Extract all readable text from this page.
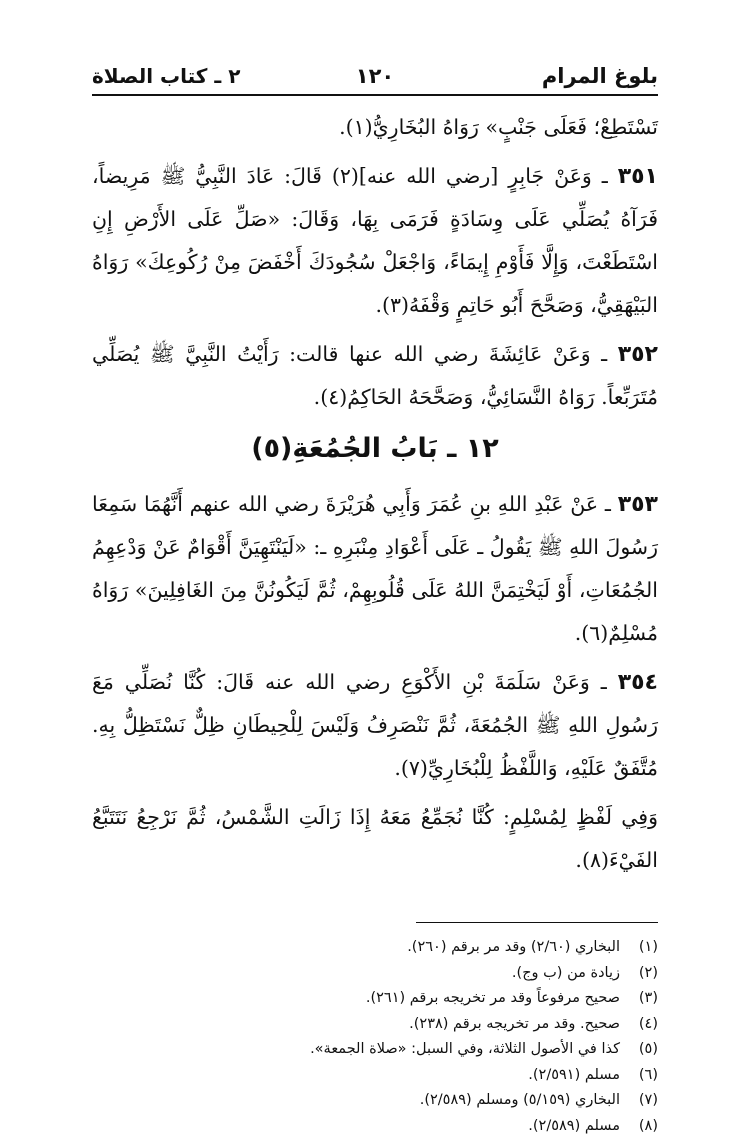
بلوغ المرام
١٢٠
٢ ـ كتاب الصلاة

تَسْتَطِعْ؛ فَعَلَى جَنْبٍ» رَوَاهُ البُخَارِيُّ(١).

٣٥١ ـ وَعَنْ جَابِرٍ [رضي الله عنه](٢) قَالَ: عَادَ النَّبِيُّ ﷺ مَرِيضاً، فَرَآهُ يُصَلِّي عَلَى وِسَادَةٍ فَرَمَى بِهَا، وَقَالَ: «صَلِّ عَلَى الأَرْضِ إِنِ اسْتَطَعْتَ، وَإِلَّا فَأَوْمِ إِيمَاءً، وَاجْعَلْ سُجُودَكَ أَخْفَضَ مِنْ رُكُوعِكَ» رَوَاهُ البَيْهَقِيُّ، وَصَحَّحَ أَبُو حَاتِمٍ وَقْفَهُ(٣).

٣٥٢ ـ وَعَنْ عَائِشَةَ رضي الله عنها قالت: رَأَيْتُ النَّبِيَّ ﷺ يُصَلِّي مُتَرَبِّعاً. رَوَاهُ النَّسَائِيُّ، وَصَحَّحَهُ الحَاكِمُ(٤).

١٢ ـ بَابُ الجُمُعَةِ(٥)

٣٥٣ ـ عَنْ عَبْدِ اللهِ بنِ عُمَرَ وَأَبِي هُرَيْرَةَ رضي الله عنهم أَنَّهُمَا سَمِعَا رَسُولَ اللهِ ﷺ يَقُولُ ـ عَلَى أَعْوَادِ مِنْبَرِهِ ـ: «لَيَنْتَهِيَنَّ أَقْوَامٌ عَنْ وَدْعِهِمُ الجُمُعَاتِ، أَوْ لَيَخْتِمَنَّ اللهُ عَلَى قُلُوبِهِمْ، ثُمَّ لَيَكُونُنَّ مِنَ الغَافِلِينَ» رَوَاهُ مُسْلِمٌ(٦).

٣٥٤ ـ وَعَنْ سَلَمَةَ بْنِ الأَكْوَعِ رضي الله عنه قَالَ: كُنَّا نُصَلِّي مَعَ رَسُولِ اللهِ ﷺ الجُمُعَةَ، ثُمَّ نَنْصَرِفُ وَلَيْسَ لِلْحِيطَانِ ظِلٌّ نَسْتَظِلُّ بِهِ. مُتَّفَقٌ عَلَيْهِ، وَاللَّفْظُ لِلْبُخَارِيِّ(٧).

وَفِي لَفْظٍ لِمُسْلِمٍ: كُنَّا نُجَمِّعُ مَعَهُ إِذَا زَالَتِ الشَّمْسُ، ثُمَّ نَرْجِعُ نَتَتَبَّعُ الفَيْءَ(٨).

(١)
البخاري (٢/٦٠) وقد مر برقم (٢٦٠).
(٢)
زيادة من (ب وج).
(٣)
صحيح مرفوعاً وقد مر تخريجه برقم (٢٦١).
(٤)
صحيح. وقد مر تخريجه برقم (٢٣٨).
(٥)
كذا في الأصول الثلاثة، وفي السبل: «صلاة الجمعة».
(٦)
مسلم (٢/٥٩١).
(٧)
البخاري (٥/١٥٩) ومسلم (٢/٥٨٩).
(٨)
مسلم (٢/٥٨٩).
